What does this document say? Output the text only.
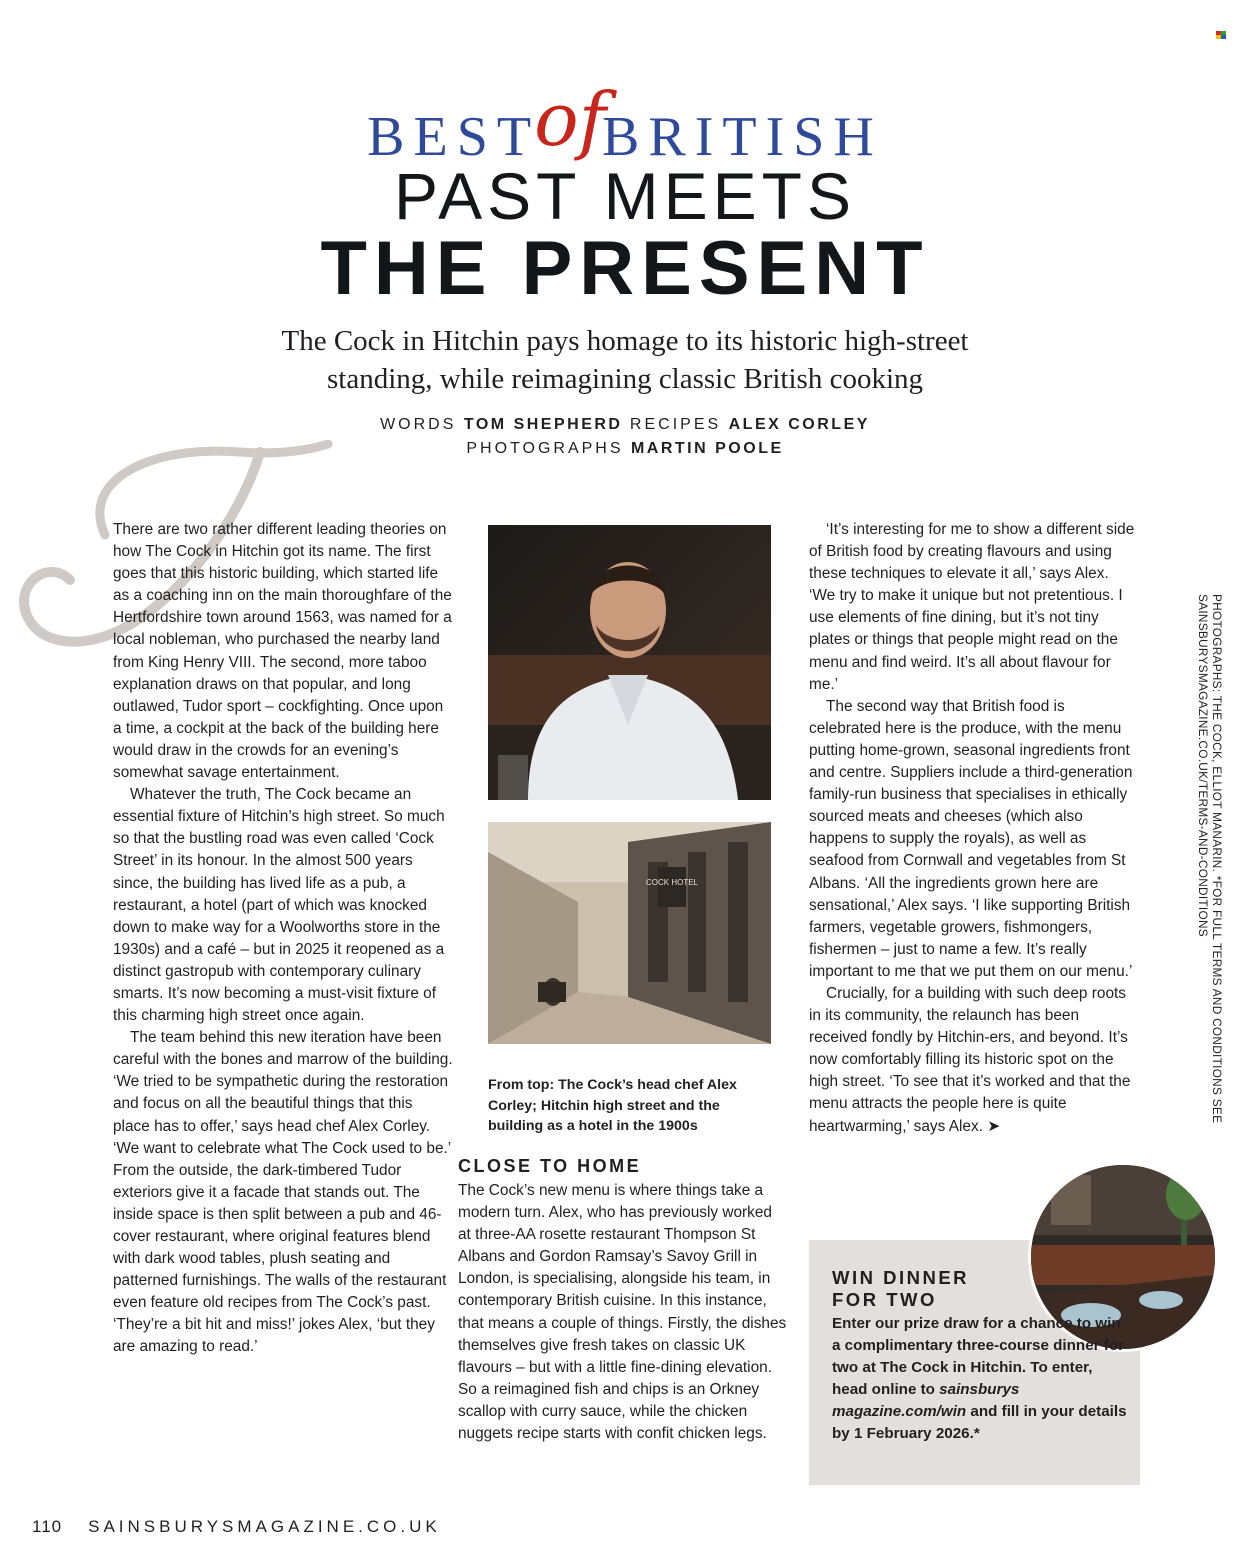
BESTofBRITISH
PAST MEETS
THE PRESENT
The Cock in Hitchin pays homage to its historic high-street
standing, while reimagining classic British cooking
WORDS TOM SHEPHERD RECIPES ALEX CORLEY
PHOTOGRAPHS MARTIN POOLE

There are two rather different leading theories on how The Cock in Hitchin got its name. The first goes that this historic building, which started life as a coaching inn on the main thoroughfare of the Hertfordshire town around 1563, was named for a local nobleman, who purchased the nearby land from King Henry VIII. The second, more taboo explanation draws on that popular, and long outlawed, Tudor sport – cockfighting. Once upon a time, a cockpit at the back of the building here would draw in the crowds for an evening’s somewhat savage entertainment.

Whatever the truth, The Cock became an essential fixture of Hitchin’s high street. So much so that the bustling road was even called ‘Cock Street’ in its honour. In the almost 500 years since, the building has lived life as a pub, a restaurant, a hotel (part of which was knocked down to make way for a Woolworths store in the 1930s) and a café – but in 2025 it reopened as a distinct gastropub with contemporary culinary smarts. It’s now becoming a must-visit fixture of this charming high street once again.

The team behind this new iteration have been careful with the bones and marrow of the building. ‘We tried to be sympathetic during the restoration and focus on all the beautiful things that this place has to offer,’ says head chef Alex Corley. ‘We want to celebrate what The Cock used to be.’ From the outside, the dark-timbered Tudor exteriors give it a facade that stands out. The inside space is then split between a pub and 46-cover restaurant, where original features blend with dark wood tables, plush seating and patterned furnishings. The walls of the restaurant even feature old recipes from The Cock’s past. ‘They’re a bit hit and miss!’ jokes Alex, ‘but they are amazing to read.’

COCK HOTEL
From top: The Cock’s head chef Alex Corley; Hitchin high street and the building as a hotel in the 1900s
CLOSE TO HOME

The Cock’s new menu is where things take a modern turn. Alex, who has previously worked at three-AA rosette restaurant Thompson St Albans and Gordon Ramsay’s Savoy Grill in London, is specialising, alongside his team, in contemporary British cuisine. In this instance, that means a couple of things. Firstly, the dishes themselves give fresh takes on classic UK flavours – but with a little fine-dining elevation. So a reimagined fish and chips is an Orkney scallop with curry sauce, while the chicken nuggets recipe starts with confit chicken legs.

‘It’s interesting for me to show a different side of British food by creating flavours and using these techniques to elevate it all,’ says Alex. ‘We try to make it unique but not pretentious. I use elements of fine dining, but it’s not tiny plates or things that people might read on the menu and find weird. It’s all about flavour for me.’

The second way that British food is celebrated here is the produce, with the menu putting home-grown, seasonal ingredients front and centre. Suppliers include a third-generation family-run business that specialises in ethically sourced meats and cheeses (which also happens to supply the royals), as well as seafood from Cornwall and vegetables from St Albans. ‘All the ingredients grown here are sensational,’ Alex says. ‘I like supporting British farmers, vegetable growers, fishmongers, fishermen – just to name a few. It’s really important to me that we put them on our menu.’

Crucially, for a building with such deep roots in its community, the relaunch has been received fondly by Hitchin-ers, and beyond. It’s now comfortably filling its historic spot on the high street. ‘To see that it’s worked and that the menu attracts the people here is quite heartwarming,’ says Alex. ➤

WIN DINNER
FOR TWO
Enter our prize draw for a chance to win a complimentary three-course dinner for two at The Cock in Hitchin. To enter, head online to sainsburys magazine.com/win and fill in your details by 1 February 2026.*
PHOTOGRAPHS: THE COCK, ELLIOT MANARIN. *FOR FULL TERMS AND CONDITIONS SEE
SAINSBURYSMAGAZINE.CO.UK/TERMS-AND-CONDITIONS
110 SAINSBURYSMAGAZINE.CO.UK
